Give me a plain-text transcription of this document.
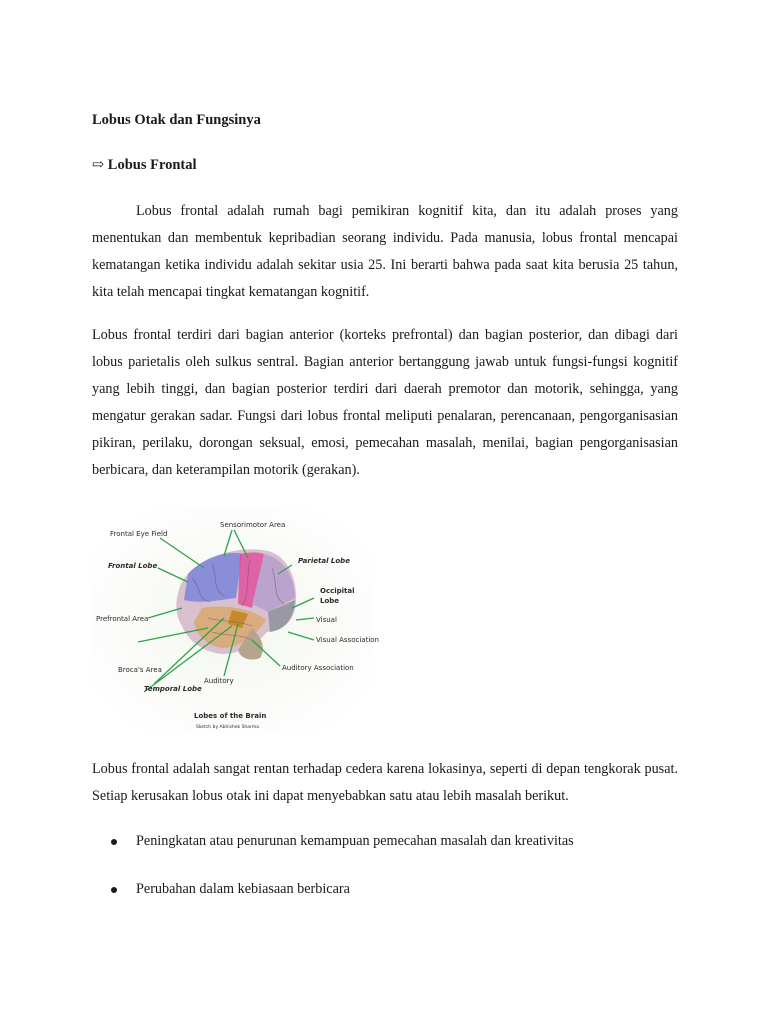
Lobus Otak dan Fungsinya
⇨ Lobus Frontal

Lobus frontal adalah rumah bagi pemikiran kognitif kita, dan itu adalah proses yang menentukan dan membentuk kepribadian seorang individu. Pada manusia, lobus frontal mencapai kematangan ketika individu adalah sekitar usia 25. Ini berarti bahwa pada saat kita berusia 25 tahun, kita telah mencapai tingkat kematangan kognitif.

Lobus frontal terdiri dari bagian anterior (korteks prefrontal) dan bagian posterior, dan dibagi dari lobus parietalis oleh sulkus sentral. Bagian anterior bertanggung jawab untuk fungsi-fungsi kognitif yang lebih tinggi, dan bagian posterior terdiri dari daerah premotor dan motorik, sehingga, yang mengatur gerakan sadar. Fungsi dari lobus frontal meliputi penalaran, perencanaan, pengorganisasian pikiran, perilaku, dorongan seksual, emosi, pemecahan masalah, menilai, bagian pengorganisasian berbicara, dan keterampilan motorik (gerakan).

Frontal Eye Field
Sensorimotor Area
Frontal Lobe
Parietal Lobe
Occipital
Lobe
Prefrontal Area	Visual
Visual Association
Auditory Association
Broca's Area
Temporal Lobe
Auditory
Lobes of the Brain
Sketch by Abhishek Sharma

Lobus frontal adalah sangat rentan terhadap cedera karena lokasinya, seperti di depan tengkorak pusat. Setiap kerusakan lobus otak ini dapat menyebabkan satu atau lebih masalah berikut.

Peningkatan atau penurunan kemampuan pemecahan masalah dan kreativitas
Perubahan dalam kebiasaan berbicara
